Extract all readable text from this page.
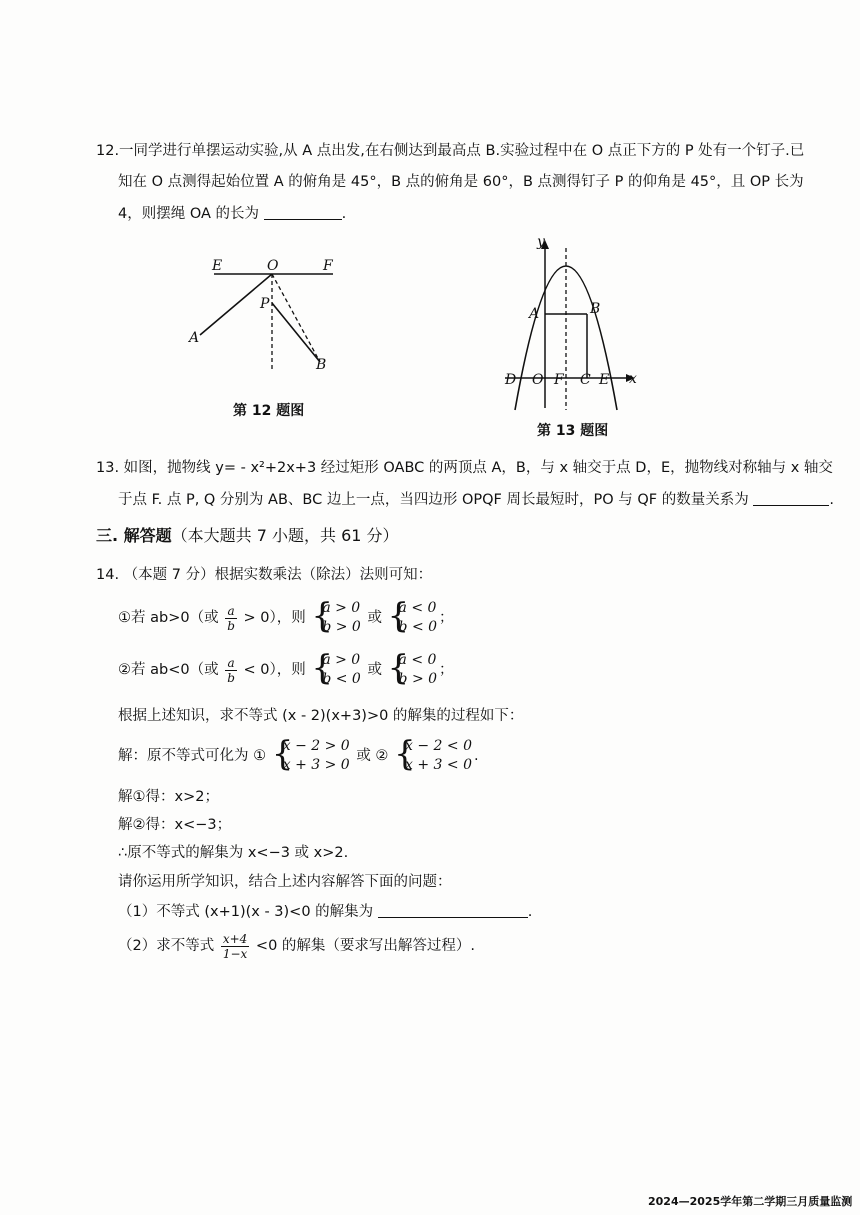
12.一同学进行单摆运动实验,从 A 点出发,在右侧达到最高点 B.实验过程中在 O 点正下方的 P 处有一个钉子.已
知在 O 点测得起始位置 A 的俯角是 45°，B 点的俯角是 60°，B 点测得钉子 P 的仰角是 45°，且 OP 长为
4，则摆绳 OA 的长为	.
E	O	F
P
A
B
第 12 题图
y
A	B
D O F C E x
第 13 题图
13. 如图，抛物线 y= - x²+2x+3 经过矩形 OABC 的两顶点 A，B，与 x 轴交于点 D，E，抛物线对称轴与 x 轴交
于点 F. 点 P, Q 分别为 AB、BC 边上一点，当四边形 OPQF 周长最短时，PO 与 QF 的数量关系为	.
三. 解答题（本大题共 7 小题，共 61 分）
14. （本题 7 分）根据实数乘法（除法）法则可知：
①若 ab>0（或 $\frac{a}{b} > 0$），则 {
a > 0
b > 0
或 {
a < 0
b < 0
；
②若 ab<0（或 $\frac{a}{b} < 0$），则 {
a > 0
b < 0
或 {
a < 0
b > 0
；
根据上述知识，求不等式 (x - 2)(x+3)>0 的解集的过程如下：
解：原不等式可化为 ① {
x − 2 > 0
x + 3 > 0
或 ② {
x − 2 < 0
x + 3 < 0
.
解①得：x>2；
解②得：x<−3；
∴原不等式的解集为 x<−3 或 x>2.
请你运用所学知识，结合上述内容解答下面的问题：
（1）不等式 (x+1)(x - 3)<0 的解集为	.
（2）求不等式 $\frac{x+4}{1-x} <0$ 的解集（要求写出解答过程）.
2024—2025学年第二学期三月质量监测
